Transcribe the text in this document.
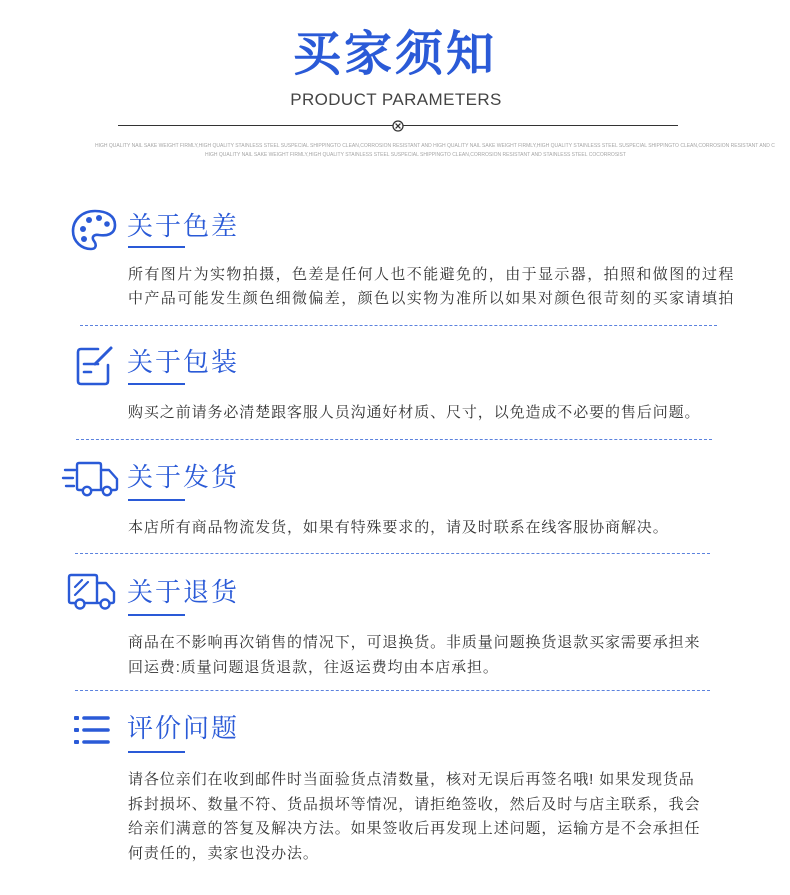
买家须知
PRODUCT PARAMETERS
HIGH QUALITY NAIL SAKE WEIGHT FIRMLY,HIGH QUALITY STAINLESS STEEL SUSPECIAL SHIPPINGTO CLEAN,CORROSION RESISTANT AND HIGH QUALITY NAIL SAKE WEIGHT FIRMLY,HIGH QUALITY STAINLESS STEEL SUSPECIAL SHIPPINGTO CLEAN,CORROSION RESISTANT AND C
HIGH QUALITY NAIL SAKE WEIGHT FIRMLY,HIGH QUALITY STAINLESS STEEL SUSPECIAL SHIPPINGTO CLEAN,CORROSION RESISTANT AND STAINLESS STEEL COCORROSIST
关于色差
所有图片为实物拍摄，色差是任何人也不能避免的，由于显示器，拍照和做图的过程
中产品可能发生颜色细微偏差，颜色以实物为准所以如果对颜色很苛刻的买家请填拍
关于包装
购买之前请务必清楚跟客服人员沟通好材质、尺寸，以免造成不必要的售后问题。
关于发货
本店所有商品物流发货，如果有特殊要求的，请及时联系在线客服协商解决。
关于退货
商品在不影响再次销售的情况下，可退换货。非质量问题换货退款买家需要承担来
回运费:质量问题退货退款，往返运费均由本店承担。
评价问题
请各位亲们在收到邮件时当面验货点清数量，核对无误后再签名哦! 如果发现货品
拆封损坏、数量不符、货品损坏等情况，请拒绝签收，然后及时与店主联系，我会
给亲们满意的答复及解决方法。如果签收后再发现上述问题，运输方是不会承担任
何责任的，卖家也没办法。
